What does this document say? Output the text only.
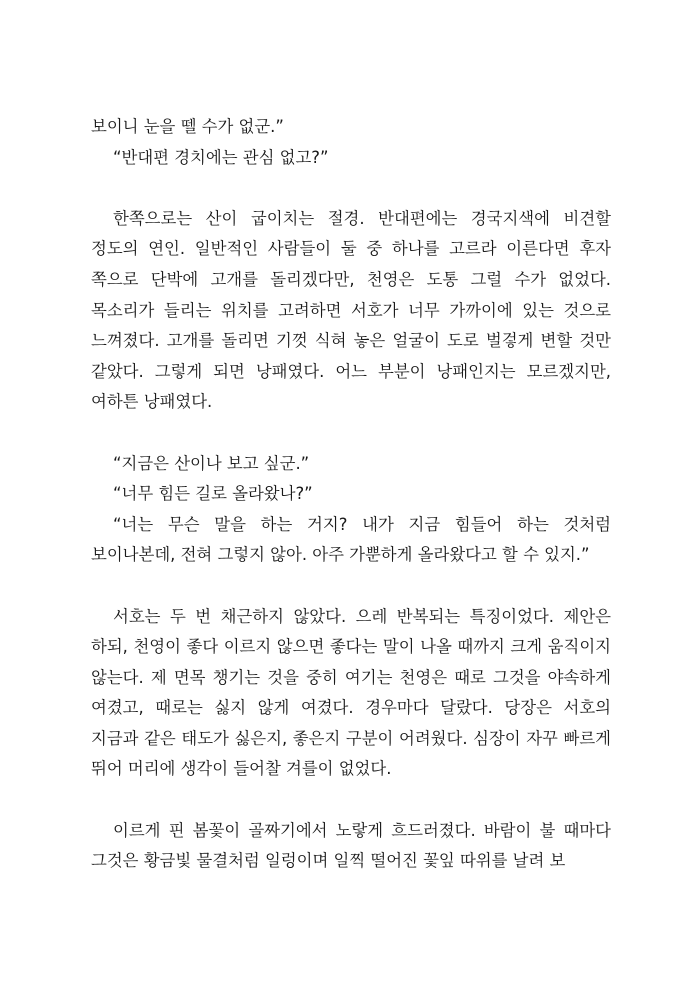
보이니 눈을 뗄 수가 없군.”

“반대편 경치에는 관심 없고?”

한쪽으로는 산이 굽이치는 절경. 반대편에는 경국지색에 비견할 정도의 연인. 일반적인 사람들이 둘 중 하나를 고르라 이른다면 후자 쪽으로 단박에 고개를 돌리겠다만, 천영은 도통 그럴 수가 없었다. 목소리가 들리는 위치를 고려하면 서호가 너무 가까이에 있는 것으로 느껴졌다. 고개를 돌리면 기껏 식혀 놓은 얼굴이 도로 벌겋게 변할 것만 같았다. 그렇게 되면 낭패였다. 어느 부분이 낭패인지는 모르겠지만, 여하튼 낭패였다.

“지금은 산이나 보고 싶군.”

“너무 힘든 길로 올라왔나?”

“너는 무슨 말을 하는 거지? 내가 지금 힘들어 하는 것처럼 보이나본데, 전혀 그렇지 않아. 아주 가뿐하게 올라왔다고 할 수 있지.”

서호는 두 번 채근하지 않았다. 으레 반복되는 특징이었다. 제안은 하되, 천영이 좋다 이르지 않으면 좋다는 말이 나올 때까지 크게 움직이지 않는다. 제 면목 챙기는 것을 중히 여기는 천영은 때로 그것을 야속하게 여겼고, 때로는 싫지 않게 여겼다. 경우마다 달랐다. 당장은 서호의 지금과 같은 태도가 싫은지, 좋은지 구분이 어려웠다. 심장이 자꾸 빠르게 뛰어 머리에 생각이 들어찰 겨를이 없었다.

이르게 핀 봄꽃이 골짜기에서 노랗게 흐드러졌다. 바람이 불 때마다 그것은 황금빛 물결처럼 일렁이며 일찍 떨어진 꽃잎 따위를 날려 보
